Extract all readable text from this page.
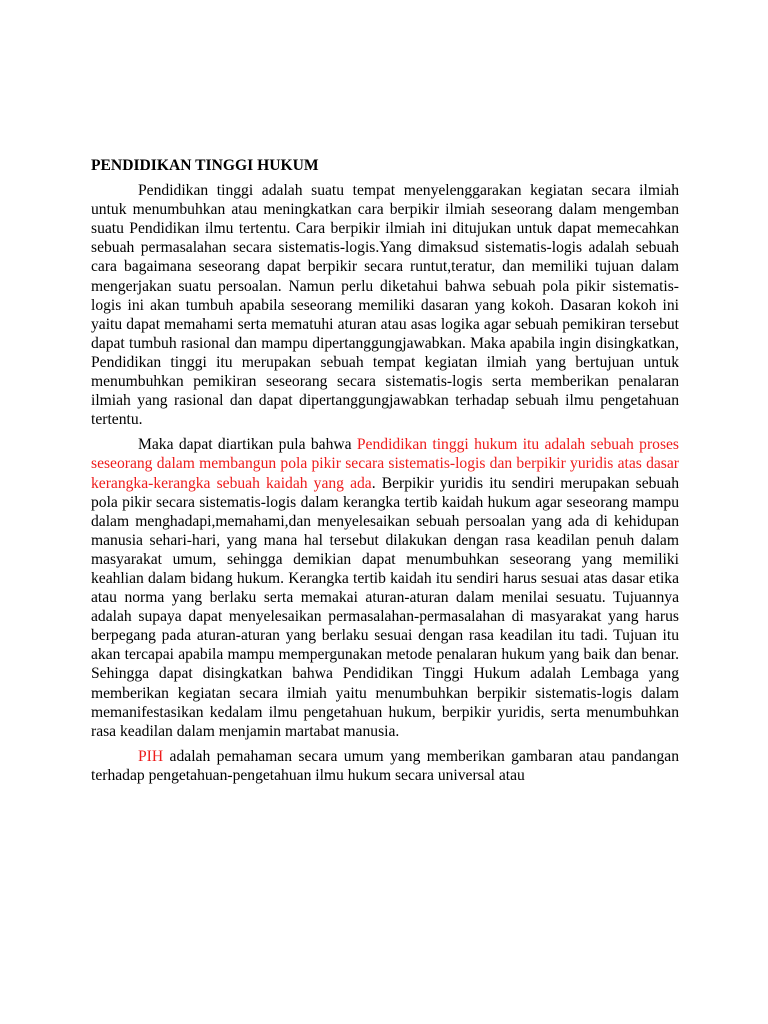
PENDIDIKAN TINGGI HUKUM

Pendidikan tinggi adalah suatu tempat menyelenggarakan kegiatan secara ilmiah untuk menumbuhkan atau meningkatkan cara berpikir ilmiah seseorang dalam mengemban suatu Pendidikan ilmu tertentu. Cara berpikir ilmiah ini ditujukan untuk dapat memecahkan sebuah permasalahan secara sistematis-logis.Yang dimaksud sistematis-logis adalah sebuah cara bagaimana seseorang dapat berpikir secara runtut,teratur, dan memiliki tujuan dalam mengerjakan suatu persoalan. Namun perlu diketahui bahwa sebuah pola pikir sistematis-logis ini akan tumbuh apabila seseorang memiliki dasaran yang kokoh. Dasaran kokoh ini yaitu dapat memahami serta mematuhi aturan atau asas logika agar sebuah pemikiran tersebut dapat tumbuh rasional dan mampu dipertanggungjawabkan. Maka apabila ingin disingkatkan, Pendidikan tinggi itu merupakan sebuah tempat kegiatan ilmiah yang bertujuan untuk menumbuhkan pemikiran seseorang secara sistematis-logis serta memberikan penalaran ilmiah yang rasional dan dapat dipertanggungjawabkan terhadap sebuah ilmu pengetahuan tertentu.

Maka dapat diartikan pula bahwa Pendidikan tinggi hukum itu adalah sebuah proses seseorang dalam membangun pola pikir secara sistematis-logis dan berpikir yuridis atas dasar kerangka-kerangka sebuah kaidah yang ada. Berpikir yuridis itu sendiri merupakan sebuah pola pikir secara sistematis-logis dalam kerangka tertib kaidah hukum agar seseorang mampu dalam menghadapi,memahami,dan menyelesaikan sebuah persoalan yang ada di kehidupan manusia sehari-hari, yang mana hal tersebut dilakukan dengan rasa keadilan penuh dalam masyarakat umum, sehingga demikian dapat menumbuhkan seseorang yang memiliki keahlian dalam bidang hukum. Kerangka tertib kaidah itu sendiri harus sesuai atas dasar etika atau norma yang berlaku serta memakai aturan-aturan dalam menilai sesuatu. Tujuannya adalah supaya dapat menyelesaikan permasalahan-permasalahan di masyarakat yang harus berpegang pada aturan-aturan yang berlaku sesuai dengan rasa keadilan itu tadi. Tujuan itu akan tercapai apabila mampu mempergunakan metode penalaran hukum yang baik dan benar. Sehingga dapat disingkatkan bahwa Pendidikan Tinggi Hukum adalah Lembaga yang memberikan kegiatan secara ilmiah yaitu menumbuhkan berpikir sistematis-logis dalam memanifestasikan kedalam ilmu pengetahuan hukum, berpikir yuridis, serta menumbuhkan rasa keadilan dalam menjamin martabat manusia.

PIH adalah pemahaman secara umum yang memberikan gambaran atau pandangan terhadap pengetahuan-pengetahuan ilmu hukum secara universal atau
